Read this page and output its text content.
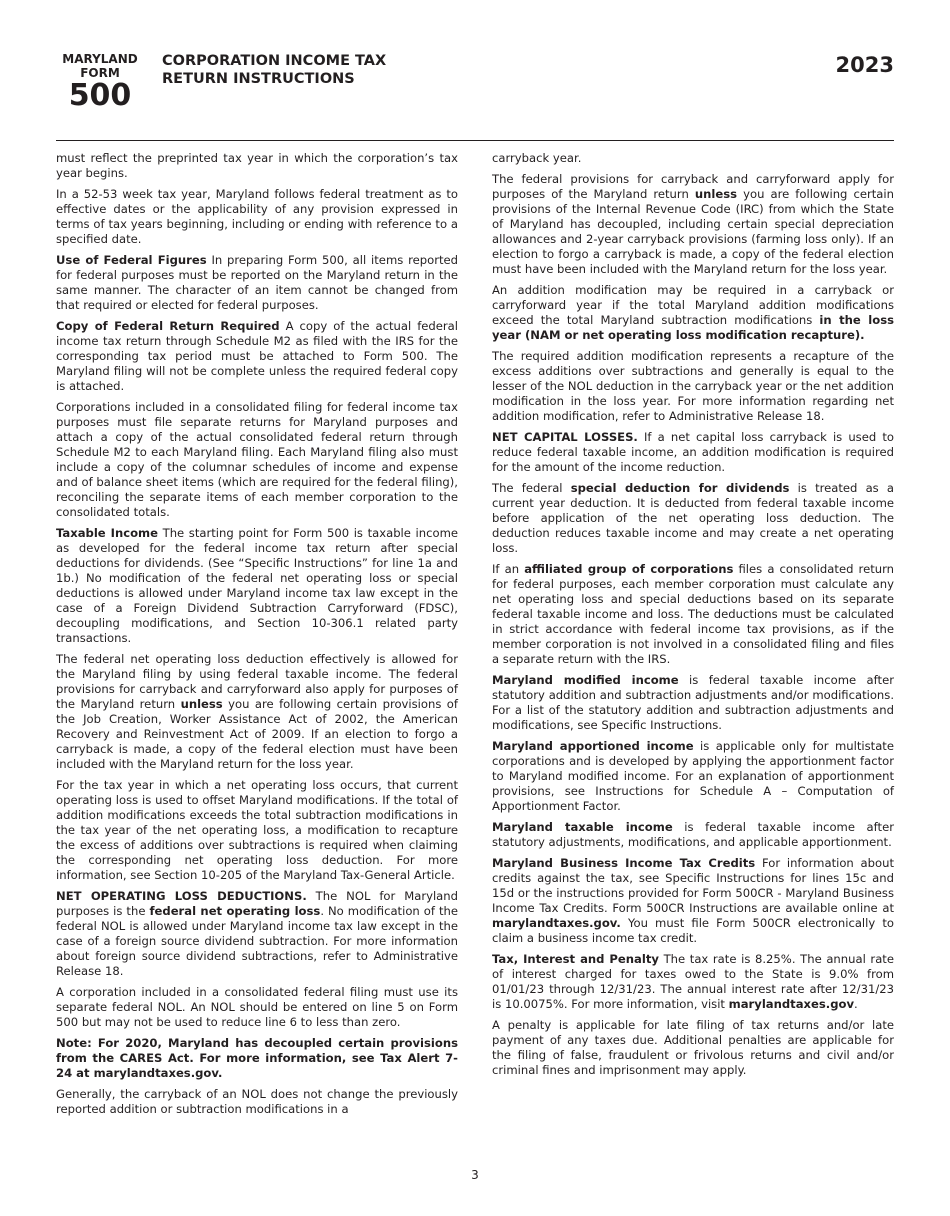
MARYLAND
FORM
500
CORPORATION INCOME TAX
RETURN INSTRUCTIONS
2023

must reflect the preprinted tax year in which the corporation’s tax year begins.

In a 52-53 week tax year, Maryland follows federal treatment as to effective dates or the applicability of any provision expressed in terms of tax years beginning, including or ending with reference to a specified date.

Use of Federal Figures In preparing Form 500, all items reported for federal purposes must be reported on the Maryland return in the same manner. The character of an item cannot be changed from that required or elected for federal purposes.

Copy of Federal Return Required A copy of the actual federal income tax return through Schedule M2 as filed with the IRS for the corresponding tax period must be attached to Form 500. The Maryland filing will not be complete unless the required federal copy is attached.

Corporations included in a consolidated filing for federal income tax purposes must file separate returns for Maryland purposes and attach a copy of the actual consolidated federal return through Schedule M2 to each Maryland filing. Each Maryland filing also must include a copy of the columnar schedules of income and expense and of balance sheet items (which are required for the federal filing), reconciling the separate items of each member corporation to the consolidated totals.

Taxable Income The starting point for Form 500 is taxable income as developed for the federal income tax return after special deductions for dividends. (See “Specific Instructions” for line 1a and 1b.) No modification of the federal net operating loss or special deductions is allowed under Maryland income tax law except in the case of a Foreign Dividend Subtraction Carryforward (FDSC), decoupling modifications, and Section 10-306.1 related party transactions.

The federal net operating loss deduction effectively is allowed for the Maryland filing by using federal taxable income. The federal provisions for carryback and carryforward also apply for purposes of the Maryland return unless you are following certain provisions of the Job Creation, Worker Assistance Act of 2002, the American Recovery and Reinvestment Act of 2009. If an election to forgo a carryback is made, a copy of the federal election must have been included with the Maryland return for the loss year.

For the tax year in which a net operating loss occurs, that current operating loss is used to offset Maryland modifications. If the total of addition modifications exceeds the total subtraction modifications in the tax year of the net operating loss, a modification to recapture the excess of additions over subtractions is required when claiming the corresponding net operating loss deduction. For more information, see Section 10-205 of the Maryland Tax-General Article.

NET OPERATING LOSS DEDUCTIONS. The NOL for Maryland purposes is the federal net operating loss. No modification of the federal NOL is allowed under Maryland income tax law except in the case of a foreign source dividend subtraction. For more information about foreign source dividend subtractions, refer to Administrative Release 18.

A corporation included in a consolidated federal filing must use its separate federal NOL. An NOL should be entered on line 5 on Form 500 but may not be used to reduce line 6 to less than zero.

Note: For 2020, Maryland has decoupled certain provisions from the CARES Act. For more information, see Tax Alert 7-24 at marylandtaxes.gov.

Generally, the carryback of an NOL does not change the previously reported addition or subtraction modifications in a

carryback year.

The federal provisions for carryback and carryforward apply for purposes of the Maryland return unless you are following certain provisions of the Internal Revenue Code (IRC) from which the State of Maryland has decoupled, including certain special depreciation allowances and 2-year carryback provisions (farming loss only). If an election to forgo a carryback is made, a copy of the federal election must have been included with the Maryland return for the loss year.

An addition modification may be required in a carryback or carryforward year if the total Maryland addition modifications exceed the total Maryland subtraction modifications in the loss year (NAM or net operating loss modification recapture).

The required addition modification represents a recapture of the excess additions over subtractions and generally is equal to the lesser of the NOL deduction in the carryback year or the net addition modification in the loss year. For more information regarding net addition modification, refer to Administrative Release 18.

NET CAPITAL LOSSES. If a net capital loss carryback is used to reduce federal taxable income, an addition modification is required for the amount of the income reduction.

The federal special deduction for dividends is treated as a current year deduction. It is deducted from federal taxable income before application of the net operating loss deduction. The deduction reduces taxable income and may create a net operating loss.

If an affiliated group of corporations files a consolidated return for federal purposes, each member corporation must calculate any net operating loss and special deductions based on its separate federal taxable income and loss. The deductions must be calculated in strict accordance with federal income tax provisions, as if the member corporation is not involved in a consolidated filing and files a separate return with the IRS.

Maryland modified income is federal taxable income after statutory addition and subtraction adjustments and/or modifications. For a list of the statutory addition and subtraction adjustments and modifications, see Specific Instructions.

Maryland apportioned income is applicable only for multistate corporations and is developed by applying the apportionment factor to Maryland modified income. For an explanation of apportionment provisions, see Instructions for Schedule A – Computation of Apportionment Factor.

Maryland taxable income is federal taxable income after statutory adjustments, modifications, and applicable apportionment.

Maryland Business Income Tax Credits For information about credits against the tax, see Specific Instructions for lines 15c and 15d or the instructions provided for Form 500CR - Maryland Business Income Tax Credits. Form 500CR Instructions are available online at marylandtaxes.gov. You must file Form 500CR electronically to claim a business income tax credit.

Tax, Interest and Penalty The tax rate is 8.25%. The annual rate of interest charged for taxes owed to the State is 9.0% from 01/01/23 through 12/31/23. The annual interest rate after 12/31/23 is 10.0075%. For more information, visit marylandtaxes.gov.

A penalty is applicable for late filing of tax returns and/or late payment of any taxes due. Additional penalties are applicable for the filing of false, fraudulent or frivolous returns and civil and/or criminal fines and imprisonment may apply.

3
